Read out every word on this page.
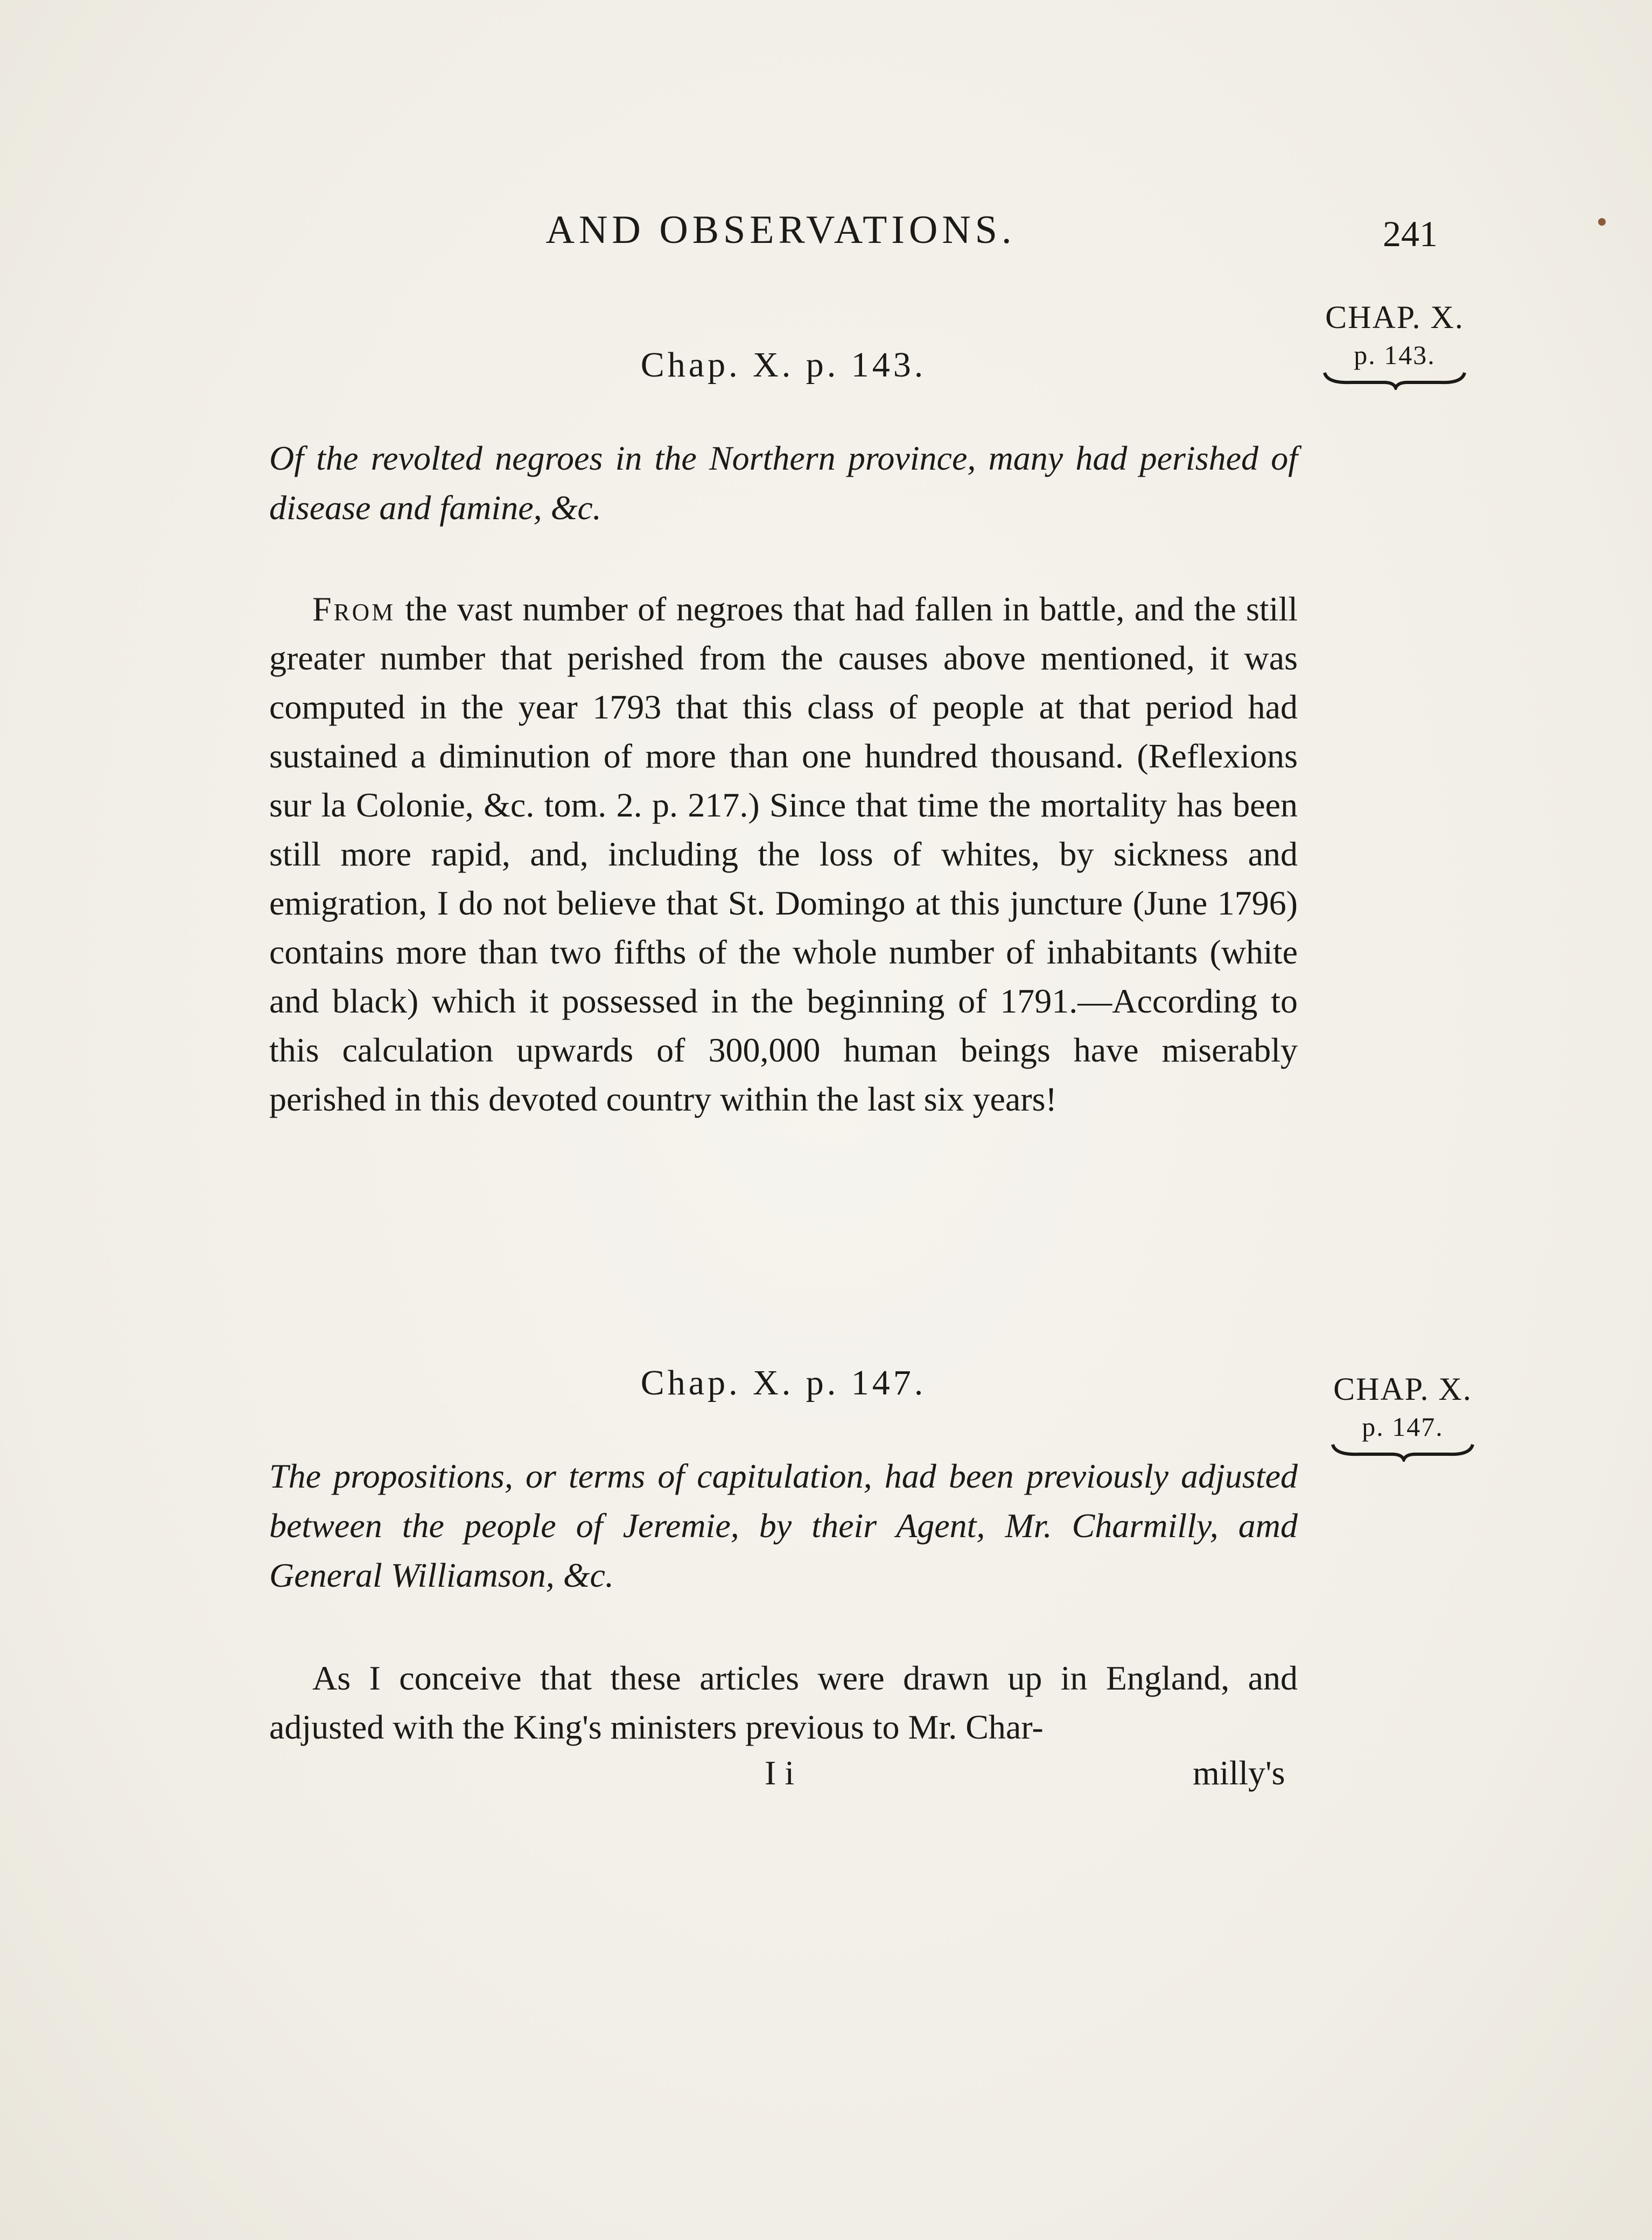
AND OBSERVATIONS.	241
CHAP. X.
p. 143.
Chap. X. p. 143.
Of the revolted negroes in the Northern province, many had perished of disease and famine, &c.
From the vast number of negroes that had fallen in battle, and the still greater number that perished from the causes above mentioned, it was computed in the year 1793 that this class of people at that period had sustained a diminution of more than one hundred thousand. (Reflexions sur la Colonie, &c. tom. 2. p. 217.) Since that time the mortality has been still more rapid, and, including the loss of whites, by sickness and emigration, I do not believe that St. Domingo at this juncture (June 1796) contains more than two fifths of the whole number of inhabitants (white and black) which it possessed in the beginning of 1791.—According to this calculation upwards of 300,000 human beings have miserably perished in this devoted country within the last six years!
CHAP. X.
p. 147.
Chap. X. p. 147.
The propositions, or terms of capitulation, had been previously adjusted between the people of Jeremie, by their Agent, Mr. Charmilly, amd General Williamson, &c.
As I conceive that these articles were drawn up in England, and adjusted with the King's ministers previous to Mr. Char-
I i	milly's
